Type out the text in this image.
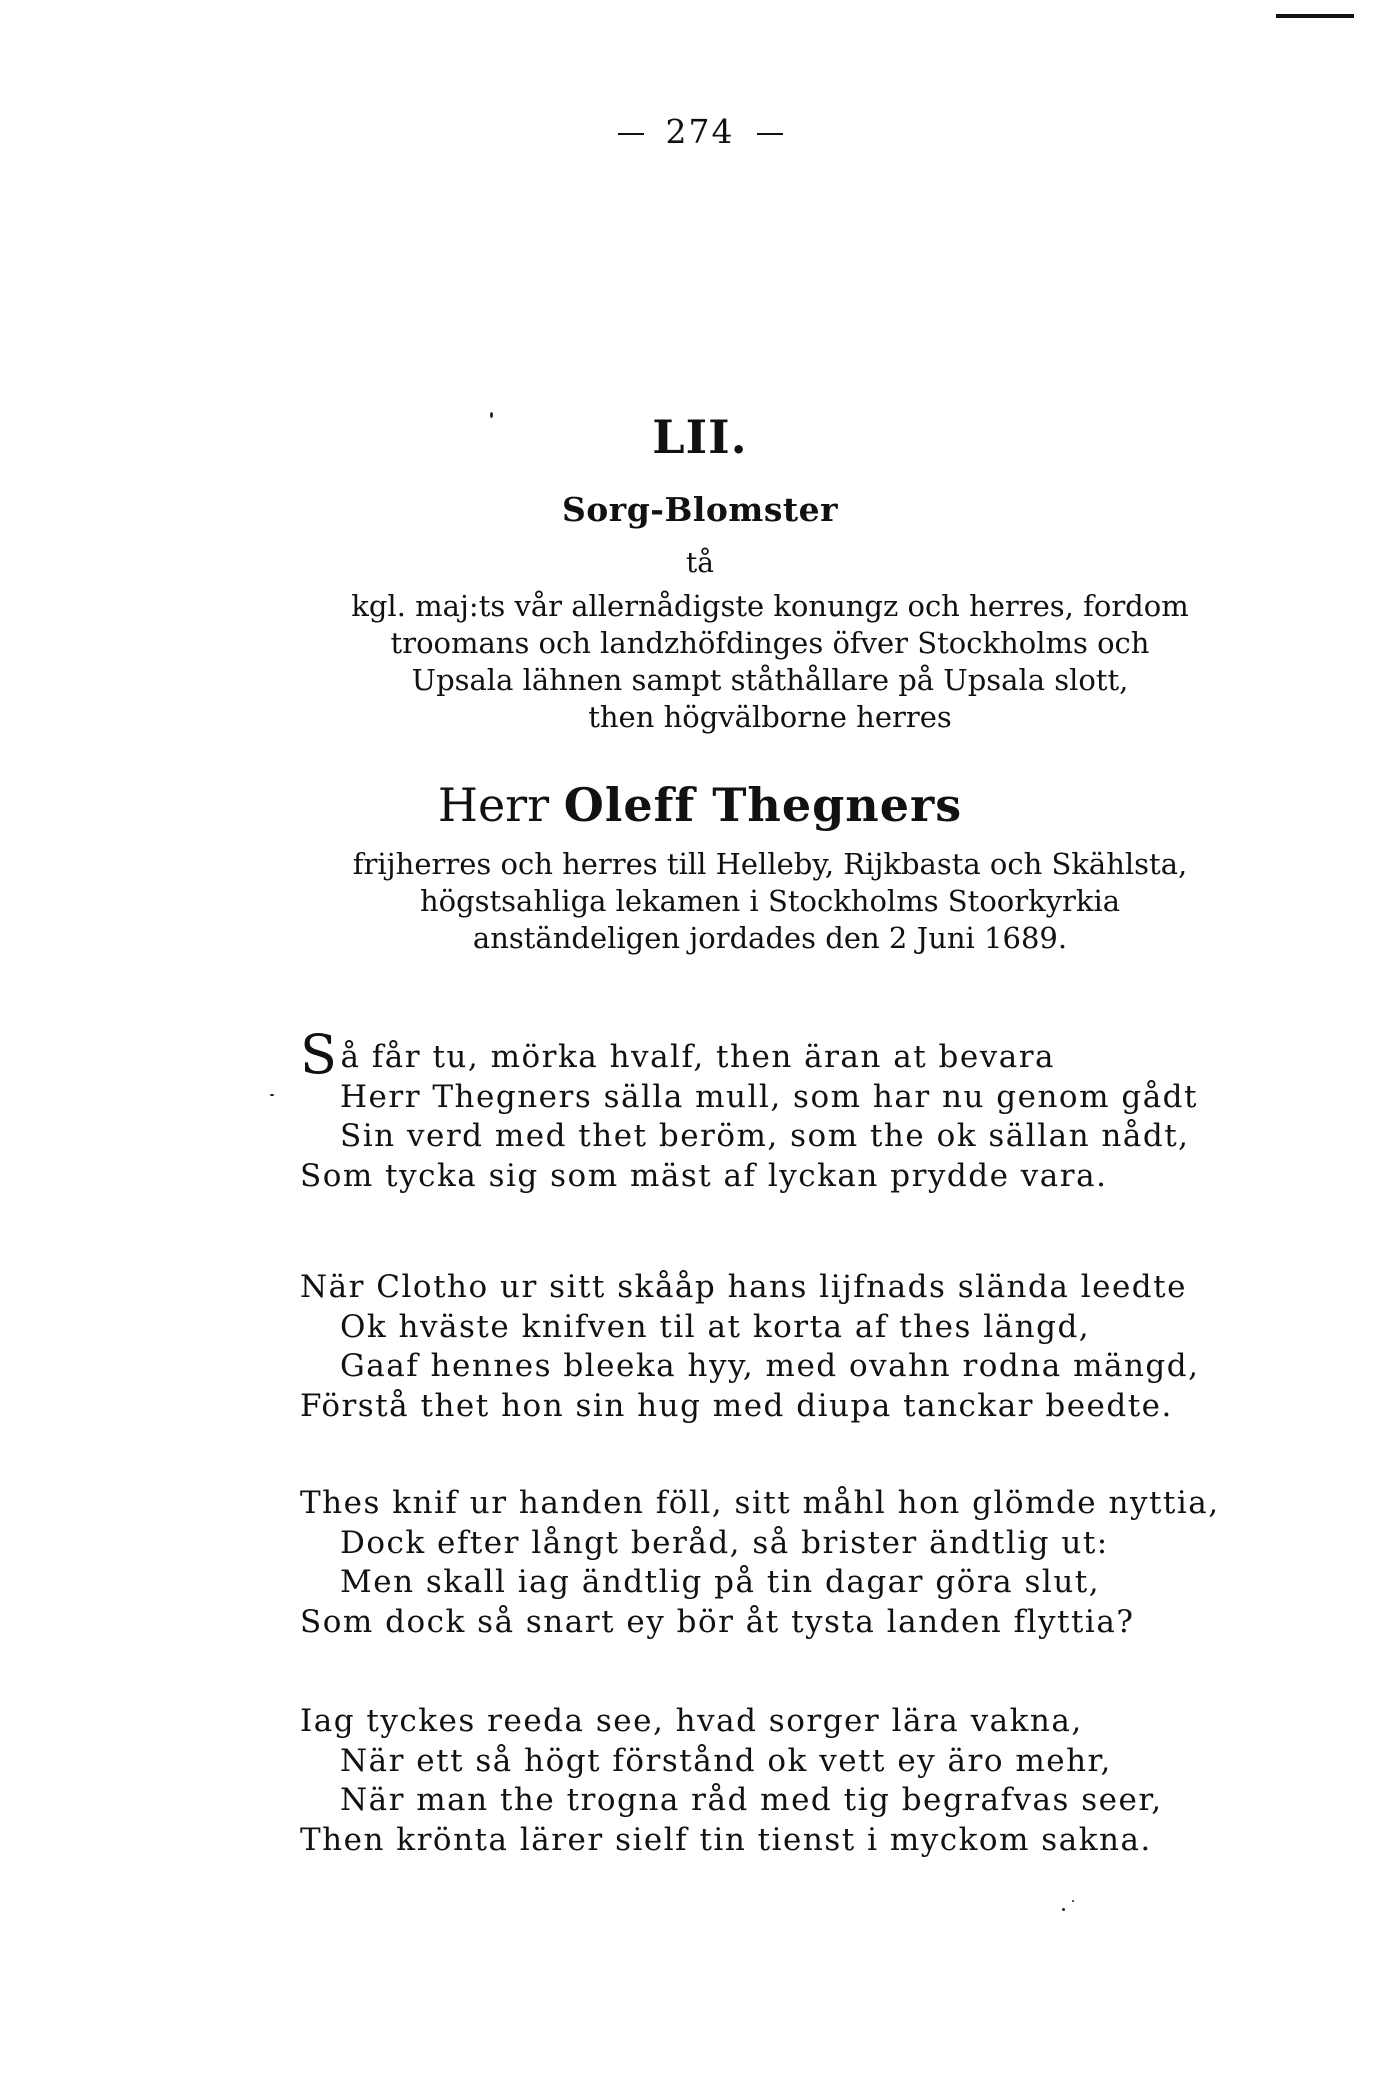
274
LII.
Sorg-Blomster
tå
kgl. maj:ts vår allernådigste konungz och herres, fordom
troomans och landzhöfdinges öfver Stockholms och
Upsala lähnen sampt ståthållare på Upsala slott,
then högvälborne herres
Herr Oleff Thegners
frijherres och herres till Helleby, Rijkbasta och Skählsta,
högstsahliga lekamen i Stockholms Stoorkyrkia
anständeligen jordades den 2 Juni 1689.
Så får tu, mörka hvalf, then äran at bevara
Herr Thegners sälla mull, som har nu genom gådt
Sin verd med thet beröm, som the ok sällan nådt,
Som tycka sig som mäst af lyckan prydde vara.
När Clotho ur sitt skååp hans lijfnads slända leedte
Ok hväste knifven til at korta af thes längd,
Gaaf hennes bleeka hyy, med ovahn rodna mängd,
Förstå thet hon sin hug med diupa tanckar beedte.
Thes knif ur handen föll, sitt måhl hon glömde nyttia,
Dock efter långt beråd, så brister ändtlig ut:
Men skall iag ändtlig på tin dagar göra slut,
Som dock så snart ey bör åt tysta landen flyttia?
Iag tyckes reeda see, hvad sorger lära vakna,
När ett så högt förstånd ok vett ey äro mehr,
När man the trogna råd med tig begrafvas seer,
Then krönta lärer sielf tin tienst i myckom sakna.
